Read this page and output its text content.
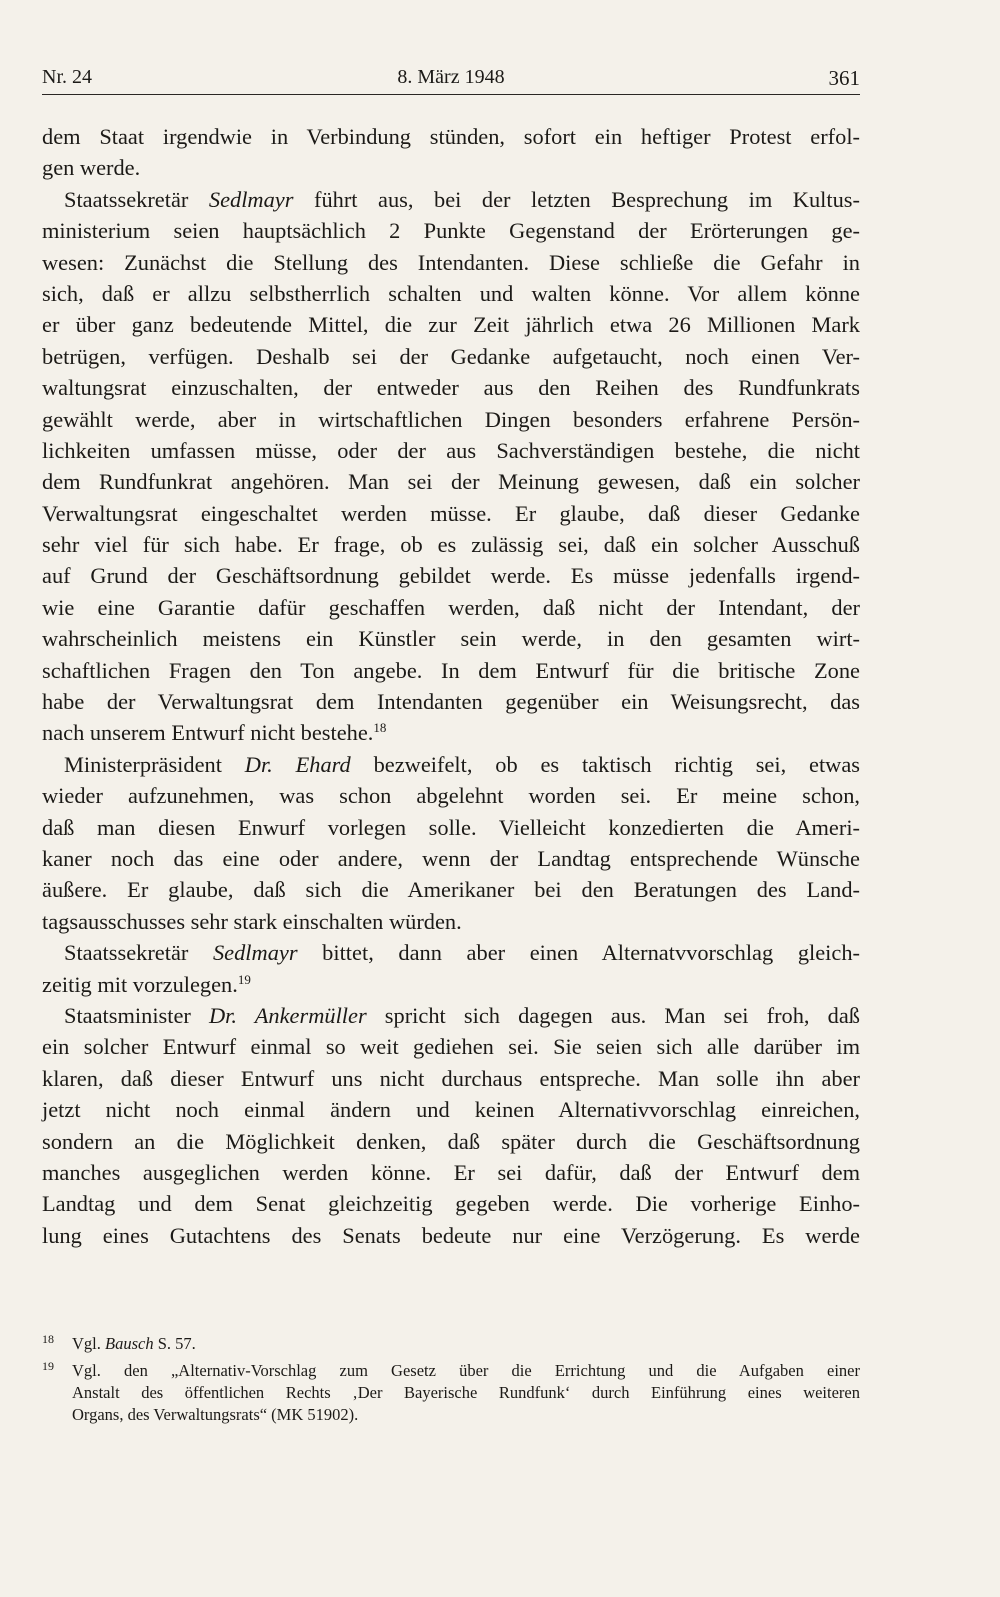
8. März 1948
Nr. 24	361
dem Staat irgendwie in Verbindung stünden, sofort ein heftiger Protest erfol-
gen werde.
Staatssekretär Sedlmayr führt aus, bei der letzten Besprechung im Kultus-
ministerium seien hauptsächlich 2 Punkte Gegenstand der Erörterungen ge-
wesen: Zunächst die Stellung des Intendanten. Diese schließe die Gefahr in
sich, daß er allzu selbstherrlich schalten und walten könne. Vor allem könne
er über ganz bedeutende Mittel, die zur Zeit jährlich etwa 26 Millionen Mark
betrügen, verfügen. Deshalb sei der Gedanke aufgetaucht, noch einen Ver-
waltungsrat einzuschalten, der entweder aus den Reihen des Rundfunkrats
gewählt werde, aber in wirtschaftlichen Dingen besonders erfahrene Persön-
lichkeiten umfassen müsse, oder der aus Sachverständigen bestehe, die nicht
dem Rundfunkrat angehören. Man sei der Meinung gewesen, daß ein solcher
Verwaltungsrat eingeschaltet werden müsse. Er glaube, daß dieser Gedanke
sehr viel für sich habe. Er frage, ob es zulässig sei, daß ein solcher Ausschuß
auf Grund der Geschäftsordnung gebildet werde. Es müsse jedenfalls irgend-
wie eine Garantie dafür geschaffen werden, daß nicht der Intendant, der
wahrscheinlich meistens ein Künstler sein werde, in den gesamten wirt-
schaftlichen Fragen den Ton angebe. In dem Entwurf für die britische Zone
habe der Verwaltungsrat dem Intendanten gegenüber ein Weisungsrecht, das
nach unserem Entwurf nicht bestehe.$^{18}$
Ministerpräsident Dr. Ehard bezweifelt, ob es taktisch richtig sei, etwas
wieder aufzunehmen, was schon abgelehnt worden sei. Er meine schon,
daß man diesen Enwurf vorlegen solle. Vielleicht konzedierten die Ameri-
kaner noch das eine oder andere, wenn der Landtag entsprechende Wünsche
äußere. Er glaube, daß sich die Amerikaner bei den Beratungen des Land-
tagsausschusses sehr stark einschalten würden.
Staatssekretär Sedlmayr bittet, dann aber einen Alternatvvorschlag gleich-
zeitig mit vorzulegen.$^{19}$
Staatsminister Dr. Ankermüller spricht sich dagegen aus. Man sei froh, daß
ein solcher Entwurf einmal so weit gediehen sei. Sie seien sich alle darüber im
klaren, daß dieser Entwurf uns nicht durchaus entspreche. Man solle ihn aber
jetzt nicht noch einmal ändern und keinen Alternativvorschlag einreichen,
sondern an die Möglichkeit denken, daß später durch die Geschäftsordnung
manches ausgeglichen werden könne. Er sei dafür, daß der Entwurf dem
Landtag und dem Senat gleichzeitig gegeben werde. Die vorherige Einho-
lung eines Gutachtens des Senats bedeute nur eine Verzögerung. Es werde
18 Vgl. Bausch S. 57.
19 Vgl. den „Alternativ-Vorschlag zum Gesetz über die Errichtung und die Aufgaben einer
Anstalt des öffentlichen Rechts ‚Der Bayerische Rundfunk‘ durch Einführung eines weiteren
Organs, des Verwaltungsrats“ (MK 51902).
